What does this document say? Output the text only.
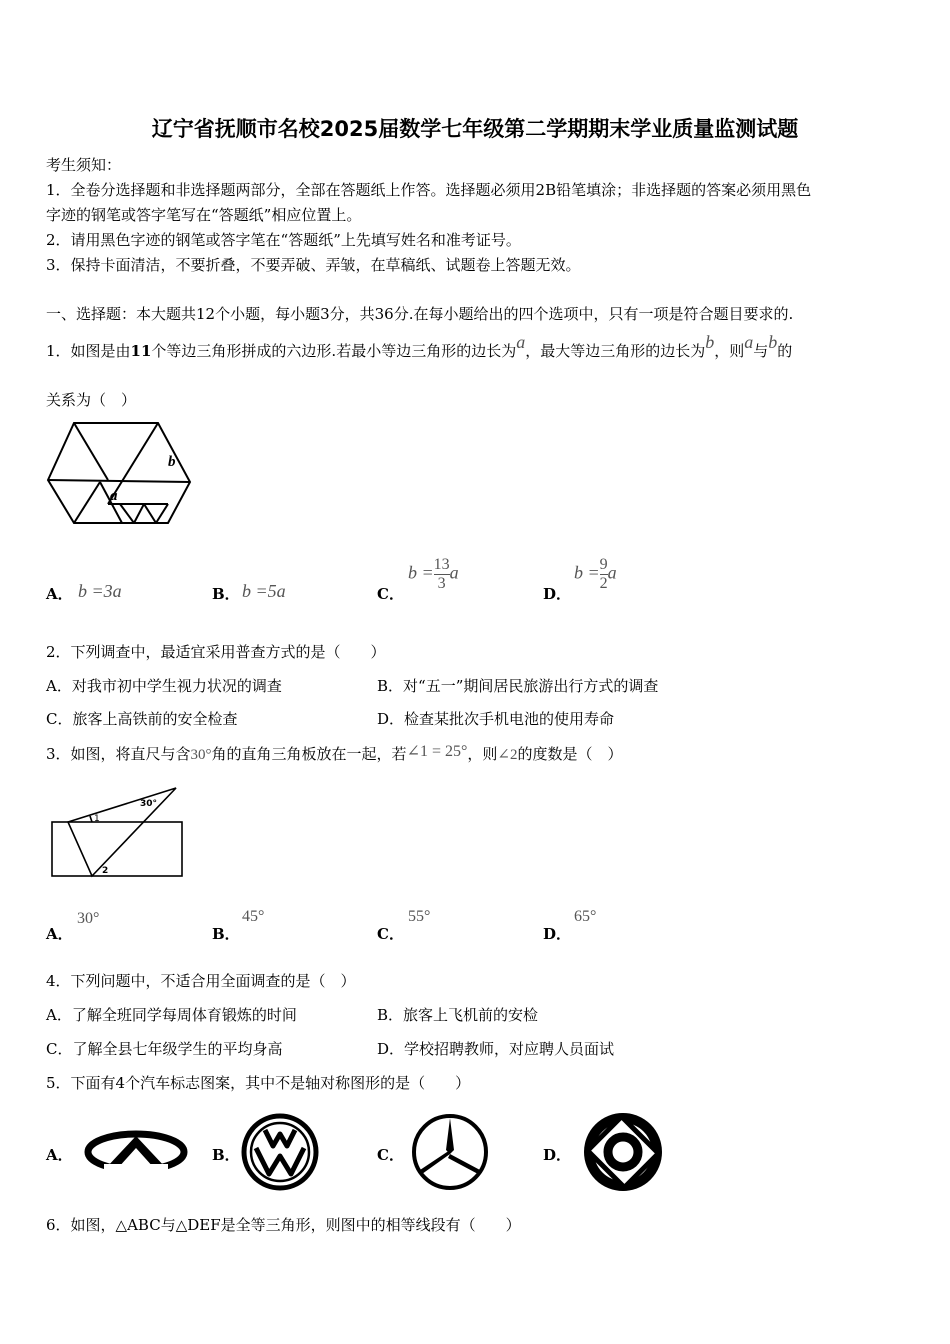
辽宁省抚顺市名校2025届数学七年级第二学期期末学业质量监测试题
考生须知：
1．全卷分选择题和非选择题两部分，全部在答题纸上作答。选择题必须用2B铅笔填涂；非选择题的答案必须用黑色
字迹的钢笔或答字笔写在“答题纸”相应位置上。
2．请用黑色字迹的钢笔或答字笔在“答题纸”上先填写姓名和准考证号。
3．保持卡面清洁，不要折叠，不要弄破、弄皱，在草稿纸、试题卷上答题无效。
一、选择题：本大题共12个小题，每小题3分，共36分.在每小题给出的四个选项中，只有一项是符合题目要求的.
1．如图是由11个等边三角形拼成的六边形.若最小等边三角形的边长为a，最大等边三角形的边长为b，则a与b的
关系为（　）
a
b
A． b =3a	B． b =5a	C．
$b = \frac{13}{3}$ a
D．
$b = \frac{9}{2}$ a
2．下列调查中，最适宜采用普查方式的是（　　）
A．对我市初中学生视力状况的调查	B．对“五一”期间居民旅游出行方式的调查
C．旅客上高铁前的安全检查	D．检查某批次手机电池的使用寿命
3．如图，将直尺与含30°角的直角三角板放在一起，若∠1 = 25°，则∠2的度数是（　）
30°
1
2
A．
30°
B．
45°
C．
55°
D．
65°
4．下列问题中，不适合用全面调查的是（　）
A．了解全班同学每周体育锻炼的时间	B．旅客上飞机前的安检
C．了解全县七年级学生的平均身高	D．学校招聘教师，对应聘人员面试
5．下面有4个汽车标志图案，其中不是轴对称图形的是（　　）
A．	B．	C．	D．
6．如图，△ABC与△DEF是全等三角形，则图中的相等线段有（　　）
